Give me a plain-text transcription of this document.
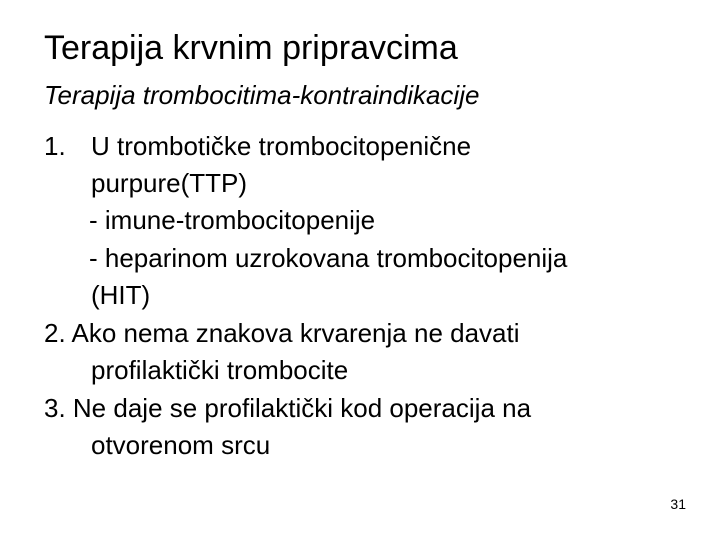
Terapija krvnim pripravcima
Terapija trombocitima-kontraindikacije
1. U trombotičke trombocitopenične
purpure(TTP)
- imune-trombocitopenije
- heparinom uzrokovana trombocitopenija
(HIT)
2. Ako nema znakova krvarenja ne davati
profilaktički trombocite
3. Ne daje se profilaktički kod operacija na
otvorenom srcu
31
